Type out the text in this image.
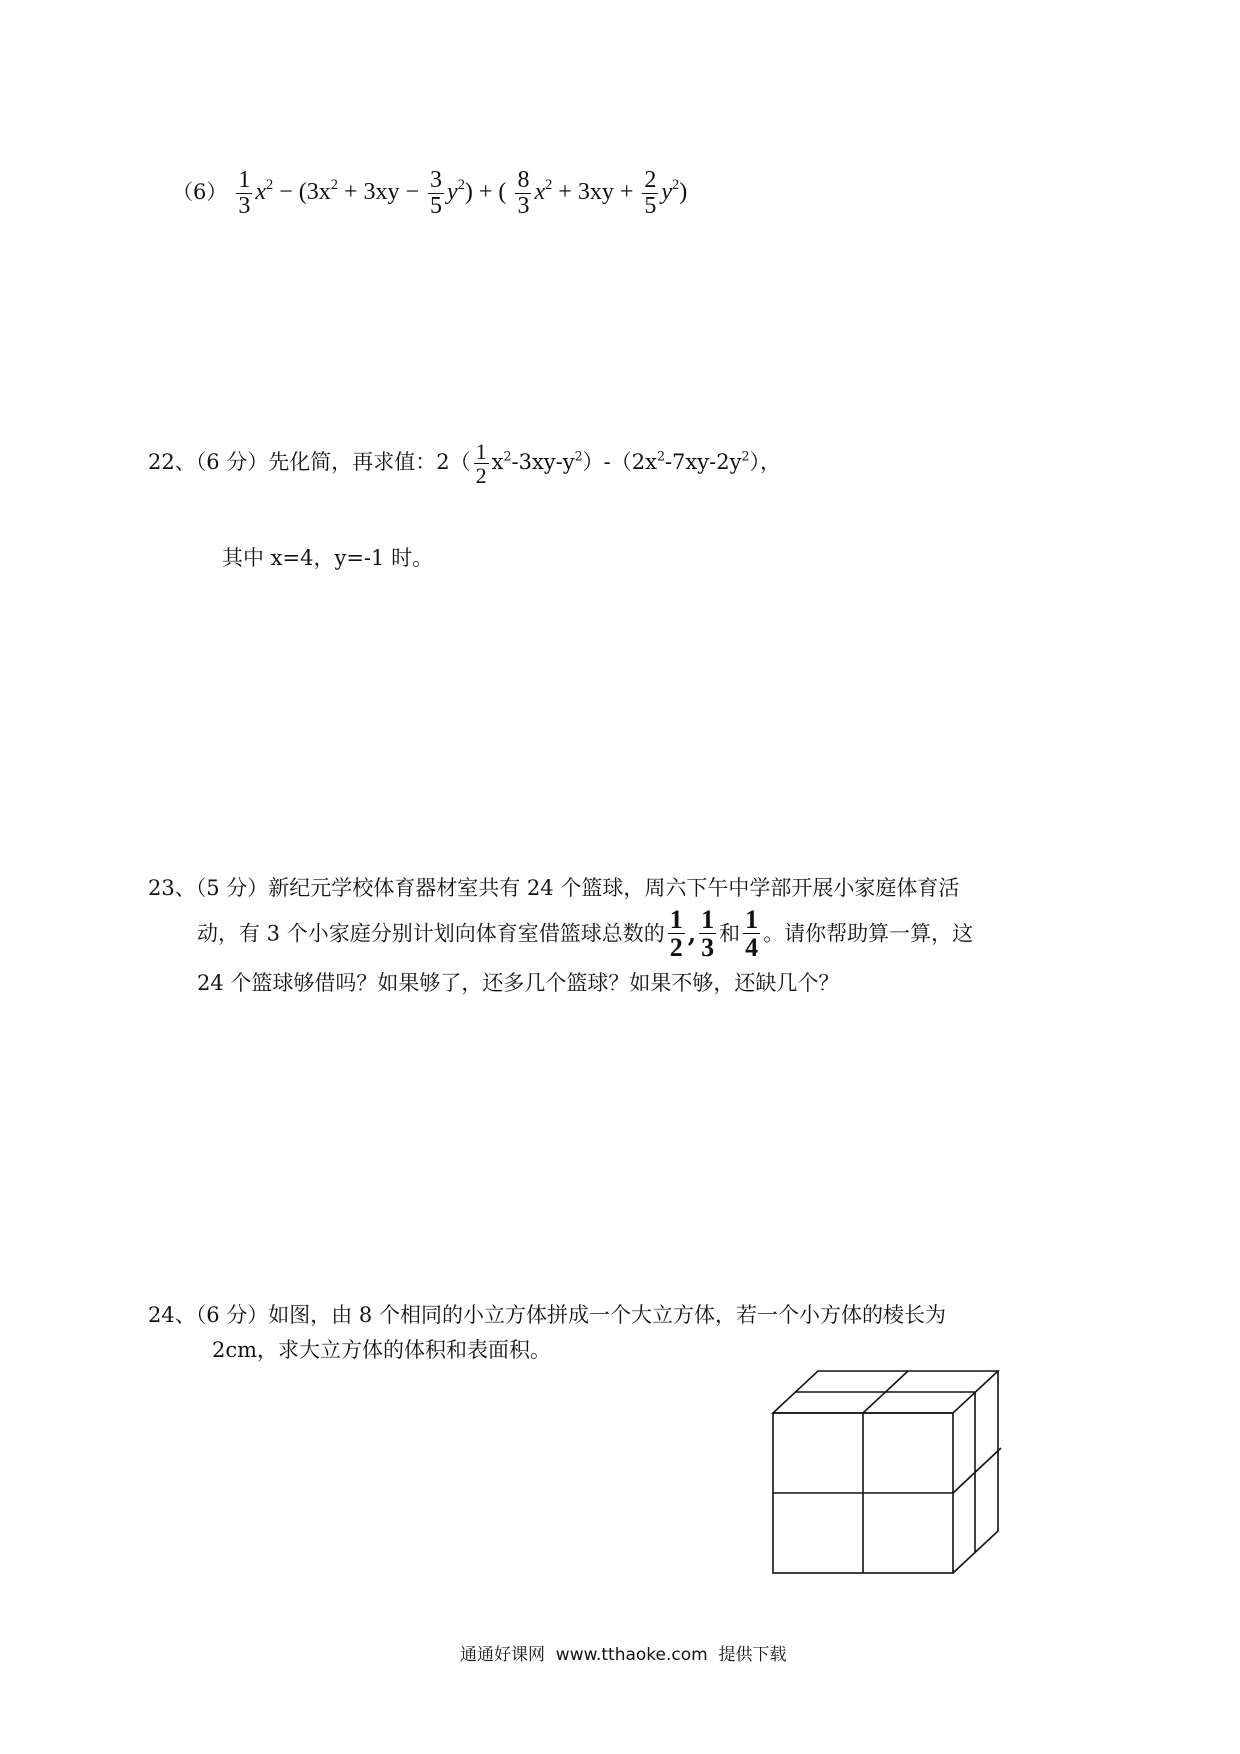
$(6) \frac{1}{3} x^2 - (3x^2 + 3xy - \frac{3}{5} y^2)$ + ( $\frac{8}{3} x^2 + 3xy + \frac{2}{5} y^2$)
22、（6 分）先化简，再求值：$2( \frac{1}{2} x^2-3xy-y^2)-(2x^2-7xy-2y^2)$，
其中 x=4，y=-1 时。
23、（5 分）新纪元学校体育器材室共有 24 个篮球，周六下午中学部开展小家庭体育活
动，有 3 个小家庭分别计划向体育室借篮球总数的 $\frac{1}{2}$ , $\frac{1}{3}$ 和 $\frac{1}{4}$ 。请你帮助算一算，这
24 个篮球够借吗？如果够了，还多几个篮球？如果不够，还缺几个？
24、（6 分）如图，由 8 个相同的小立方体拼成一个大立方体，若一个小方体的棱长为
2cm，求大立方体的体积和表面积。
通通好课网  www.tthaoke.com  提供下载
